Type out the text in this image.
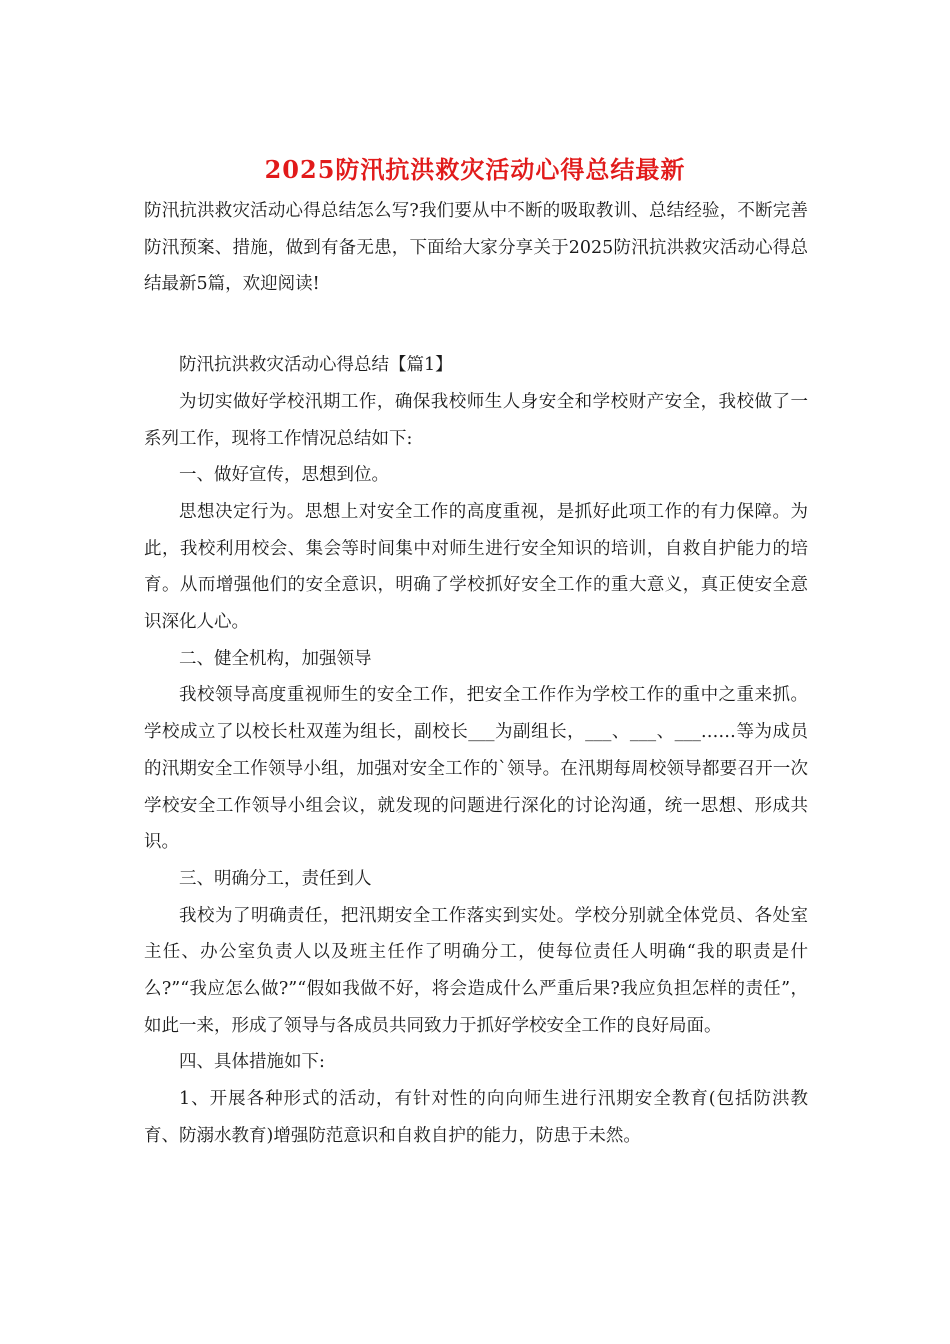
2025防汛抗洪救灾活动心得总结最新

防汛抗洪救灾活动心得总结怎么写?我们要从中不断的吸取教训、总结经验，不断完善防汛预案、措施，做到有备无患，下面给大家分享关于2025防汛抗洪救灾活动心得总结最新5篇，欢迎阅读!

防汛抗洪救灾活动心得总结【篇1】

为切实做好学校汛期工作，确保我校师生人身安全和学校财产安全，我校做了一系列工作，现将工作情况总结如下:

一、做好宣传，思想到位。

思想决定行为。思想上对安全工作的高度重视，是抓好此项工作的有力保障。为此，我校利用校会、集会等时间集中对师生进行安全知识的培训，自救自护能力的培育。从而增强他们的安全意识，明确了学校抓好安全工作的重大意义，真正使安全意识深化人心。

二、健全机构，加强领导

我校领导高度重视师生的安全工作，把安全工作作为学校工作的重中之重来抓。学校成立了以校长杜双莲为组长，副校长___为副组长，___、___、___……等为成员的汛期安全工作领导小组，加强对安全工作的`领导。在汛期每周校领导都要召开一次学校安全工作领导小组会议，就发现的问题进行深化的讨论沟通，统一思想、形成共识。

三、明确分工，责任到人

我校为了明确责任，把汛期安全工作落实到实处。学校分别就全体党员、各处室主任、办公室负责人以及班主任作了明确分工，使每位责任人明确“我的职责是什么?”“我应怎么做?”“假如我做不好，将会造成什么严重后果?我应负担怎样的责任”，如此一来，形成了领导与各成员共同致力于抓好学校安全工作的良好局面。

四、具体措施如下:

1、开展各种形式的活动，有针对性的向向师生进行汛期安全教育(包括防洪教育、防溺水教育)增强防范意识和自救自护的能力，防患于未然。
